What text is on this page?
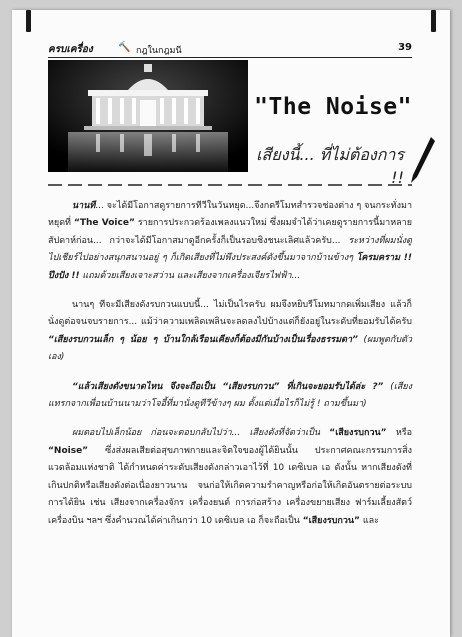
ครบเครื่อง	🔨 กฎในกฎมนี	39
"The Noise"
เสียงนี้... ที่ไม่ต้องการ !!

นานที... จะได้มีโอกาสดูรายการทีวีในวันหยุด...จึงกดรีโมทสำรวจช่องต่าง ๆ จนกระทั่งมาหยุดที่ “The Voice” รายการประกวดร้องเพลงแนวใหม่ ซึ่งผมจำได้ว่าเคยดูรายการนี้มาหลายสัปดาห์ก่อน... กว่าจะได้มีโอกาสมาดูอีกครั้งก็เป็นรอบชิงชนะเลิศแล้วครับ... ระหว่างที่ผมนั่งดูไปเชียร์ไปอย่างสนุกสนานอยู่ ๆ ก็เกิดเสียงที่ไม่พึงประสงค์ดังขึ้นมาจากบ้านข้างๆ โครมคราม !! ปึงปัง !! แถมด้วยเสียงเจาะสว่าน และเสียงจากเครื่องเจียรไฟฟ้า...

นานๆ ทีจะมีเสียงดังรบกวนแบบนี้... ไม่เป็นไรครับ ผมจึงหยิบรีโมทมากดเพิ่มเสียง แล้วก็นั่งดูต่อจนจบรายการ... แม้ว่าความเพลิดเพลินจะลดลงไปบ้างแต่ก็ยังอยู่ในระดับที่ยอมรับได้ครับ “เสียงรบกวนเล็ก ๆ น้อย ๆ บ้านใกล้เรือนเคียงก็ต้องมีกันบ้างเป็นเรื่องธรรมดา” (ผมพูดกับตัวเอง)

“แล้วเสียงดังขนาดไหน จึงจะถือเป็น “เสียงรบกวน” ที่เกินจะยอมรับได้ล่ะ ?” (เสียงแทรกจากเพื่อนบ้านนามว่าโจอี้ที่มานั่งดูทีวีข้างๆ ผม ตั้งแต่เมื่อไรก็ไม่รู้ ! ถามขึ้นมา)

ผมตอบไปเล็กน้อย ก่อนจะตอบกลับไปว่า... เสียงดังที่จัดว่าเป็น “เสียงรบกวน” หรือ “Noise” ซึ่งส่งผลเสียต่อสุขภาพกายและจิตใจของผู้ได้ยินนั้น ประกาศคณะกรรมการสิ่งแวดล้อมแห่งชาติ ได้กำหนดค่าระดับเสียงดังกล่าวเอาไว้ที่ 10 เดซิเบล เอ ดังนั้น หากเสียงดังที่เกินปกติหรือเสียงดังต่อเนื่องยาวนาน จนก่อให้เกิดความรำคาญหรือก่อให้เกิดอันตรายต่อระบบการได้ยิน เช่น เสียงจากเครื่องจักร เครื่องยนต์ การก่อสร้าง เครื่องขยายเสียง ฟาร์มเลี้ยงสัตว์ เครื่องบิน ฯลฯ ซึ่งคำนวณได้ค่าเกินกว่า 10 เดซิเบล เอ ก็จะถือเป็น “เสียงรบกวน” และ
